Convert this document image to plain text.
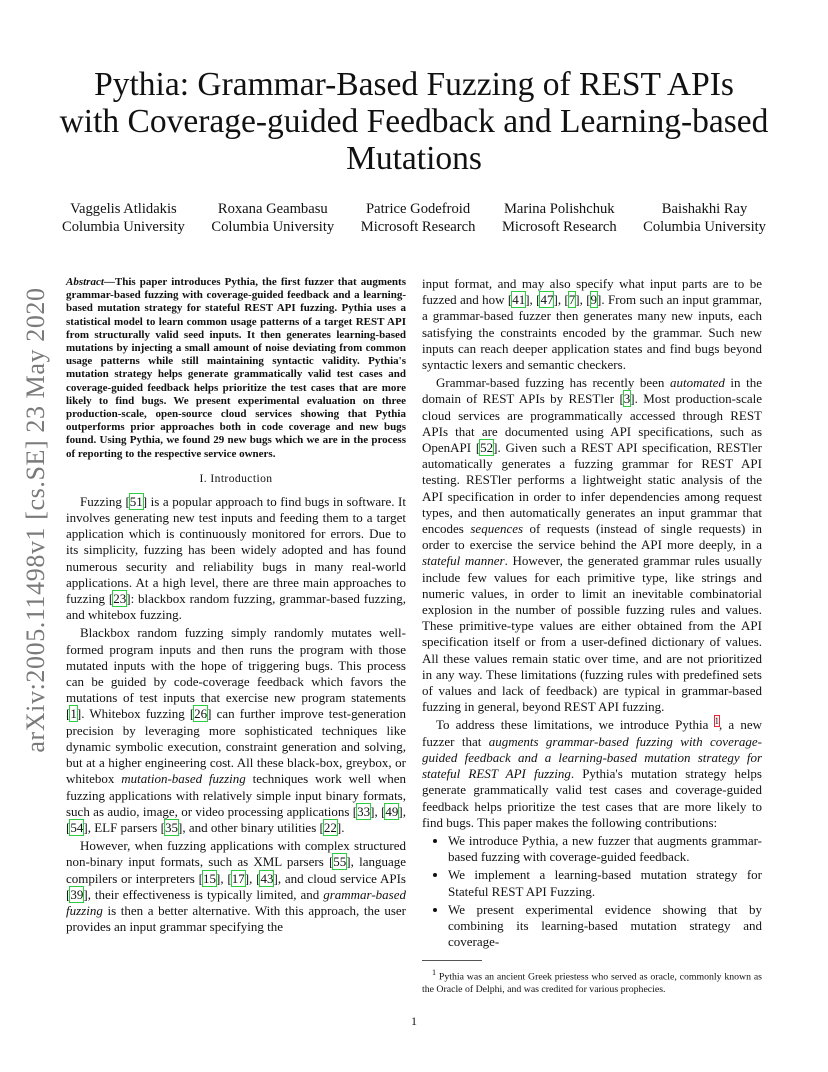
Pythia: Grammar-Based Fuzzing of REST APIs
with Coverage-guided Feedback and Learning-based
Mutations
Vaggelis Atlidakis
Columbia University
Roxana Geambasu
Columbia University
Patrice Godefroid
Microsoft Research
Marina Polishchuk
Microsoft Research
Baishakhi Ray
Columbia University
arXiv:2005.11498v1 [cs.SE] 23 May 2020

Abstract—This paper introduces Pythia, the first fuzzer that augments grammar-based fuzzing with coverage-guided feedback and a learning-based mutation strategy for stateful REST API fuzzing. Pythia uses a statistical model to learn common usage patterns of a target REST API from structurally valid seed inputs. It then generates learning-based mutations by injecting a small amount of noise deviating from common usage patterns while still maintaining syntactic validity. Pythia's mutation strategy helps generate grammatically valid test cases and coverage-guided feedback helps prioritize the test cases that are more likely to find bugs. We present experimental evaluation on three production-scale, open-source cloud services showing that Pythia outperforms prior approaches both in code coverage and new bugs found. Using Pythia, we found 29 new bugs which we are in the process of reporting to the respective service owners.

I. Introduction

Fuzzing [51] is a popular approach to find bugs in software. It involves generating new test inputs and feeding them to a target application which is continuously monitored for errors. Due to its simplicity, fuzzing has been widely adopted and has found numerous security and reliability bugs in many real-world applications. At a high level, there are three main approaches to fuzzing [23]: blackbox random fuzzing, grammar-based fuzzing, and whitebox fuzzing.

Blackbox random fuzzing simply randomly mutates well-formed program inputs and then runs the program with those mutated inputs with the hope of triggering bugs. This process can be guided by code-coverage feedback which favors the mutations of test inputs that exercise new program statements [1]. Whitebox fuzzing [26] can further improve test-generation precision by leveraging more sophisticated techniques like dynamic symbolic execution, constraint generation and solving, but at a higher engineering cost. All these black-box, greybox, or whitebox mutation-based fuzzing techniques work well when fuzzing applications with relatively simple input binary formats, such as audio, image, or video processing applications [33], [49], [54], ELF parsers [35], and other binary utilities [22].

However, when fuzzing applications with complex structured non-binary input formats, such as XML parsers [55], language compilers or interpreters [15], [17], [43], and cloud service APIs [39], their effectiveness is typically limited, and grammar-based fuzzing is then a better alternative. With this approach, the user provides an input grammar specifying the

input format, and may also specify what input parts are to be fuzzed and how [41], [47], [7], [9]. From such an input grammar, a grammar-based fuzzer then generates many new inputs, each satisfying the constraints encoded by the grammar. Such new inputs can reach deeper application states and find bugs beyond syntactic lexers and semantic checkers.

Grammar-based fuzzing has recently been automated in the domain of REST APIs by RESTler [3]. Most production-scale cloud services are programmatically accessed through REST APIs that are documented using API specifications, such as OpenAPI [52]. Given such a REST API specification, RESTler automatically generates a fuzzing grammar for REST API testing. RESTler performs a lightweight static analysis of the API specification in order to infer dependencies among request types, and then automatically generates an input grammar that encodes sequences of requests (instead of single requests) in order to exercise the service behind the API more deeply, in a stateful manner. However, the generated grammar rules usually include few values for each primitive type, like strings and numeric values, in order to limit an inevitable combinatorial explosion in the number of possible fuzzing rules and values. These primitive-type values are either obtained from the API specification itself or from a user-defined dictionary of values. All these values remain static over time, and are not prioritized in any way. These limitations (fuzzing rules with predefined sets of values and lack of feedback) are typical in grammar-based fuzzing in general, beyond REST API fuzzing.

To address these limitations, we introduce Pythia $^1$, a new fuzzer that augments grammar-based fuzzing with coverage-guided feedback and a learning-based mutation strategy for stateful REST API fuzzing. Pythia's mutation strategy helps generate grammatically valid test cases and coverage-guided feedback helps prioritize the test cases that are more likely to find bugs. This paper makes the following contributions:

• We introduce Pythia, a new fuzzer that augments grammar-based fuzzing with coverage-guided feedback.
• We implement a learning-based mutation strategy for Stateful REST API Fuzzing.
• We present experimental evidence showing that by combining its learning-based mutation strategy and coverage-

$^1$ Pythia was an ancient Greek priestess who served as oracle, commonly known as the Oracle of Delphi, and was credited for various prophecies.

1
